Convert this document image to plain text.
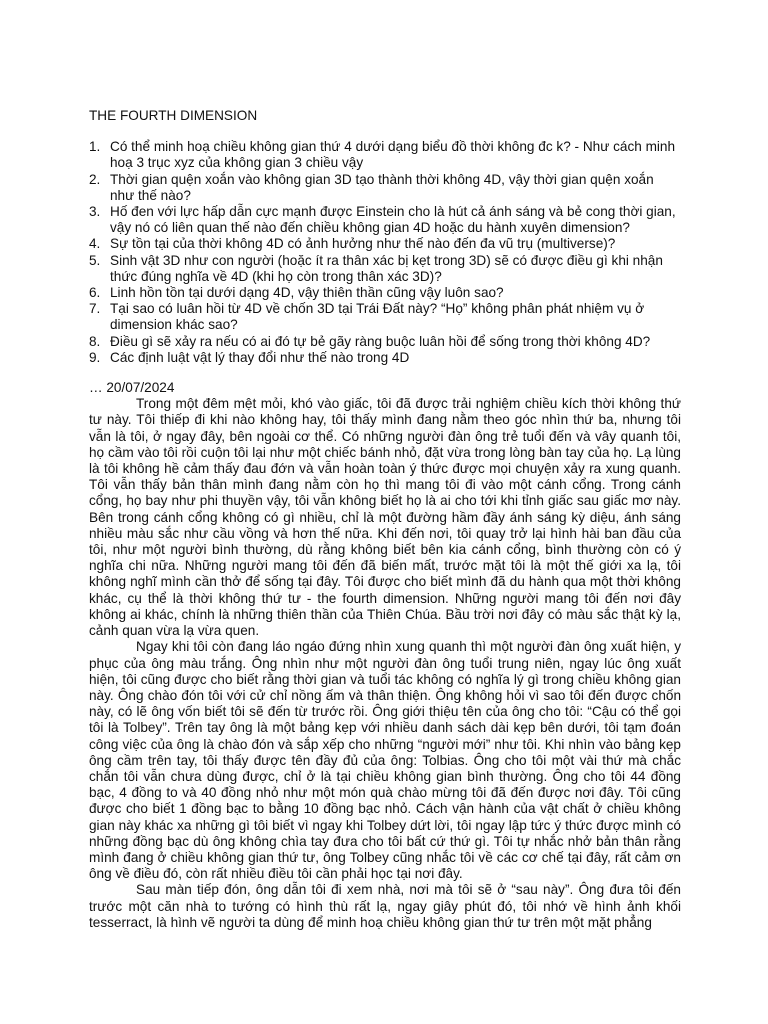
THE FOURTH DIMENSION
1. Có thể minh hoạ chiều không gian thứ 4 dưới dạng biểu đồ thời không đc k? - Như cách minh hoạ 3 trục xyz của không gian 3 chiều vậy
2. Thời gian quện xoắn vào không gian 3D tạo thành thời không 4D, vậy thời gian quện xoắn như thế nào?
3. Hố đen với lực hấp dẫn cực mạnh được Einstein cho là hút cả ánh sáng và bẻ cong thời gian, vậy nó có liên quan thế nào đến chiều không gian 4D hoặc du hành xuyên dimension?
4. Sự tồn tại của thời không 4D có ảnh hưởng như thế nào đến đa vũ trụ (multiverse)?
5. Sinh vật 3D như con người (hoặc ít ra thân xác bị kẹt trong 3D) sẽ có được điều gì khi nhận thức đúng nghĩa về 4D (khi họ còn trong thân xác 3D)?
6. Linh hồn tồn tại dưới dạng 4D, vậy thiên thần cũng vậy luôn sao?
7. Tại sao có luân hồi từ 4D về chốn 3D tại Trái Đất này? “Họ” không phân phát nhiệm vụ ở dimension khác sao?
8. Điều gì sẽ xảy ra nếu có ai đó tự bẻ gãy ràng buộc luân hồi để sống trong thời không 4D?
9. Các định luật vật lý thay đổi như thế nào trong 4D

… 20/07/2024

Trong một đêm mệt mỏi, khó vào giấc, tôi đã được trải nghiệm chiều kích thời không thứ tư này. Tôi thiếp đi khi nào không hay, tôi thấy mình đang nằm theo góc nhìn thứ ba, nhưng tôi vẫn là tôi, ở ngay đây, bên ngoài cơ thể. Có những người đàn ông trẻ tuổi đến và vây quanh tôi, họ cầm vào tôi rồi cuộn tôi lại như một chiếc bánh nhỏ, đặt vừa trong lòng bàn tay của họ. Lạ lùng là tôi không hề cảm thấy đau đớn và vẫn hoàn toàn ý thức được mọi chuyện xảy ra xung quanh. Tôi vẫn thấy bản thân mình đang nằm còn họ thì mang tôi đi vào một cánh cổng. Trong cánh cổng, họ bay như phi thuyền vậy, tôi vẫn không biết họ là ai cho tới khi tỉnh giấc sau giấc mơ này. Bên trong cánh cổng không có gì nhiều, chỉ là một đường hầm đầy ánh sáng kỳ diệu, ánh sáng nhiều màu sắc như cầu vồng và hơn thế nữa. Khi đến nơi, tôi quay trở lại hình hài ban đầu của tôi, như một người bình thường, dù rằng không biết bên kia cánh cổng, bình thường còn có ý nghĩa chi nữa. Những người mang tôi đến đã biến mất, trước mặt tôi là một thế giới xa lạ, tôi không nghĩ mình cần thở để sống tại đây. Tôi được cho biết mình đã du hành qua một thời không khác, cụ thể là thời không thứ tư - the fourth dimension. Những người mang tôi đến nơi đây không ai khác, chính là những thiên thần của Thiên Chúa. Bầu trời nơi đây có màu sắc thật kỳ lạ, cảnh quan vừa lạ vừa quen.

Ngay khi tôi còn đang láo ngáo đứng nhìn xung quanh thì một người đàn ông xuất hiện, y phục của ông màu trắng. Ông nhìn như một người đàn ông tuổi trung niên, ngay lúc ông xuất hiện, tôi cũng được cho biết rằng thời gian và tuổi tác không có nghĩa lý gì trong chiều không gian này. Ông chào đón tôi với cử chỉ nồng ấm và thân thiện. Ông không hỏi vì sao tôi đến được chốn này, có lẽ ông vốn biết tôi sẽ đến từ trước rồi. Ông giới thiệu tên của ông cho tôi: “Cậu có thể gọi tôi là Tolbey”. Trên tay ông là một bảng kẹp với nhiều danh sách dài kẹp bên dưới, tôi tạm đoán công việc của ông là chào đón và sắp xếp cho những “người mới” như tôi. Khi nhìn vào bảng kẹp ông cầm trên tay, tôi thấy được tên đầy đủ của ông: Tolbias. Ông cho tôi một vài thứ mà chắc chắn tôi vẫn chưa dùng được, chỉ ở là tại chiều không gian bình thường. Ông cho tôi 44 đồng bạc, 4 đồng to và 40 đồng nhỏ như một món quà chào mừng tôi đã đến được nơi đây. Tôi cũng được cho biết 1 đồng bạc to bằng 10 đồng bạc nhỏ. Cách vận hành của vật chất ở chiều không gian này khác xa những gì tôi biết vì ngay khi Tolbey dứt lời, tôi ngay lập tức ý thức được mình có những đồng bạc dù ông không chìa tay đưa cho tôi bất cứ thứ gì. Tôi tự nhắc nhở bản thân rằng mình đang ở chiều không gian thứ tư, ông Tolbey cũng nhắc tôi về các cơ chế tại đây, rất cảm ơn ông về điều đó, còn rất nhiều điều tôi cần phải học tại nơi đây.

Sau màn tiếp đón, ông dẫn tôi đi xem nhà, nơi mà tôi sẽ ở “sau này”. Ông đưa tôi đến trước một căn nhà to tướng có hình thù rất lạ, ngay giây phút đó, tôi nhớ về hình ảnh khối tesserract, là hình vẽ người ta dùng để minh hoạ chiều không gian thứ tư trên một mặt phẳng
